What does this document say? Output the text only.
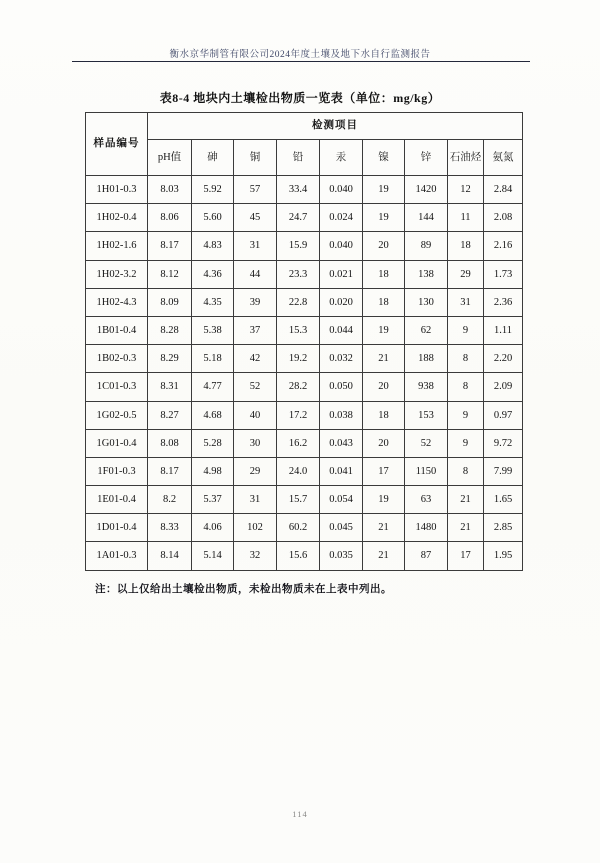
衡水京华制管有限公司2024年度土壤及地下水自行监测报告
表8-4 地块内土壤检出物质一览表（单位：mg/kg）
样品编号	检测项目								
	pH值	砷	铜	铅	汞	镍	锌	石油烃	氨氮
1H01-0.3	8.03	5.92	57	33.4	0.040	19	1420	12	2.84
1H02-0.4	8.06	5.60	45	24.7	0.024	19	144	11	2.08
1H02-1.6	8.17	4.83	31	15.9	0.040	20	89	18	2.16
1H02-3.2	8.12	4.36	44	23.3	0.021	18	138	29	1.73
1H02-4.3	8.09	4.35	39	22.8	0.020	18	130	31	2.36
1B01-0.4	8.28	5.38	37	15.3	0.044	19	62	9	1.11
1B02-0.3	8.29	5.18	42	19.2	0.032	21	188	8	2.20
1C01-0.3	8.31	4.77	52	28.2	0.050	20	938	8	2.09
1G02-0.5	8.27	4.68	40	17.2	0.038	18	153	9	0.97
1G01-0.4	8.08	5.28	30	16.2	0.043	20	52	9	9.72
1F01-0.3	8.17	4.98	29	24.0	0.041	17	1150	8	7.99
1E01-0.4	8.2	5.37	31	15.7	0.054	19	63	21	1.65
1D01-0.4	8.33	4.06	102	60.2	0.045	21	1480	21	2.85
1A01-0.3	8.14	5.14	32	15.6	0.035	21	87	17	1.95
注：以上仅给出土壤检出物质，未检出物质未在上表中列出。
114
